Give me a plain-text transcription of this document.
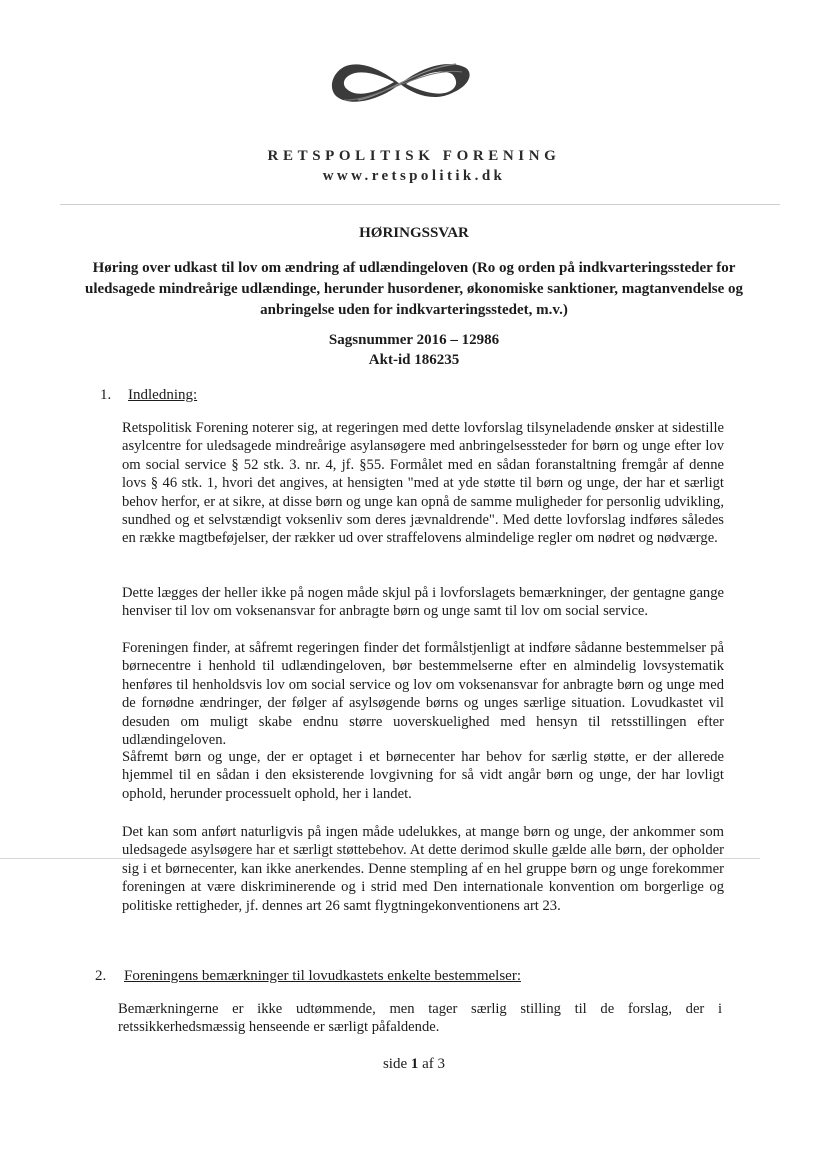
RETSPOLITISK FORENING
www.retspolitik.dk
HØRINGSSVAR
Høring over udkast til lov om ændring af udlændingeloven (Ro og orden på indkvarteringssteder for uledsagede mindreårige udlændinge, herunder husordener, økonomiske sanktioner, magtanvendelse og anbringelse uden for indkvarteringsstedet, m.v.)
Sagsnummer 2016 – 12986
Akt-id 186235
1. Indledning:

Retspolitisk Forening noterer sig, at regeringen med dette lovforslag tilsyneladende ønsker at sidestille asylcentre for uledsagede mindreårige asylansøgere med anbringelsessteder for børn og unge efter lov om social service § 52 stk. 3. nr. 4, jf. §55. Formålet med en sådan foranstaltning fremgår af denne lovs § 46 stk. 1, hvori det angives, at hensigten "med at yde støtte til børn og unge, der har et særligt behov herfor, er at sikre, at disse børn og unge kan opnå de samme muligheder for personlig udvikling, sundhed og et selvstændigt voksenliv som deres jævnaldrende". Med dette lovforslag indføres således en række magtbeføjelser, der rækker ud over straffelovens almindelige regler om nødret og nødværge.

Dette lægges der heller ikke på nogen måde skjul på i lovforslagets bemærkninger, der gentagne gange henviser til lov om voksenansvar for anbragte børn og unge samt til lov om social service.

Foreningen finder, at såfremt regeringen finder det formålstjenligt at indføre sådanne bestemmelser på børnecentre i henhold til udlændingeloven, bør bestemmelserne efter en almindelig lovsystematik henføres til henholdsvis lov om social service og lov om voksenansvar for anbragte børn og unge med de fornødne ændringer, der følger af asylsøgende børns og unges særlige situation. Lovudkastet vil desuden om muligt skabe endnu større uoverskuelighed med hensyn til retsstillingen efter udlændingeloven.

Såfremt børn og unge, der er optaget i et børnecenter har behov for særlig støtte, er der allerede hjemmel til en sådan i den eksisterende lovgivning for så vidt angår børn og unge, der har lovligt ophold, herunder processuelt ophold, her i landet.

Det kan som anført naturligvis på ingen måde udelukkes, at mange børn og unge, der ankommer som uledsagede asylsøgere har et særligt støttebehov. At dette derimod skulle gælde alle børn, der opholder sig i et børnecenter, kan ikke anerkendes. Denne stempling af en hel gruppe børn og unge forekommer foreningen at være diskriminerende og i strid med Den internationale konvention om borgerlige og politiske rettigheder, jf. dennes art 26 samt flygtningekonventionens art 23.

2. Foreningens bemærkninger til lovudkastets enkelte bestemmelser:

Bemærkningerne er ikke udtømmende, men tager særlig stilling til de forslag, der i retssikkerhedsmæssig henseende er særligt påfaldende.

side 1 af 3
